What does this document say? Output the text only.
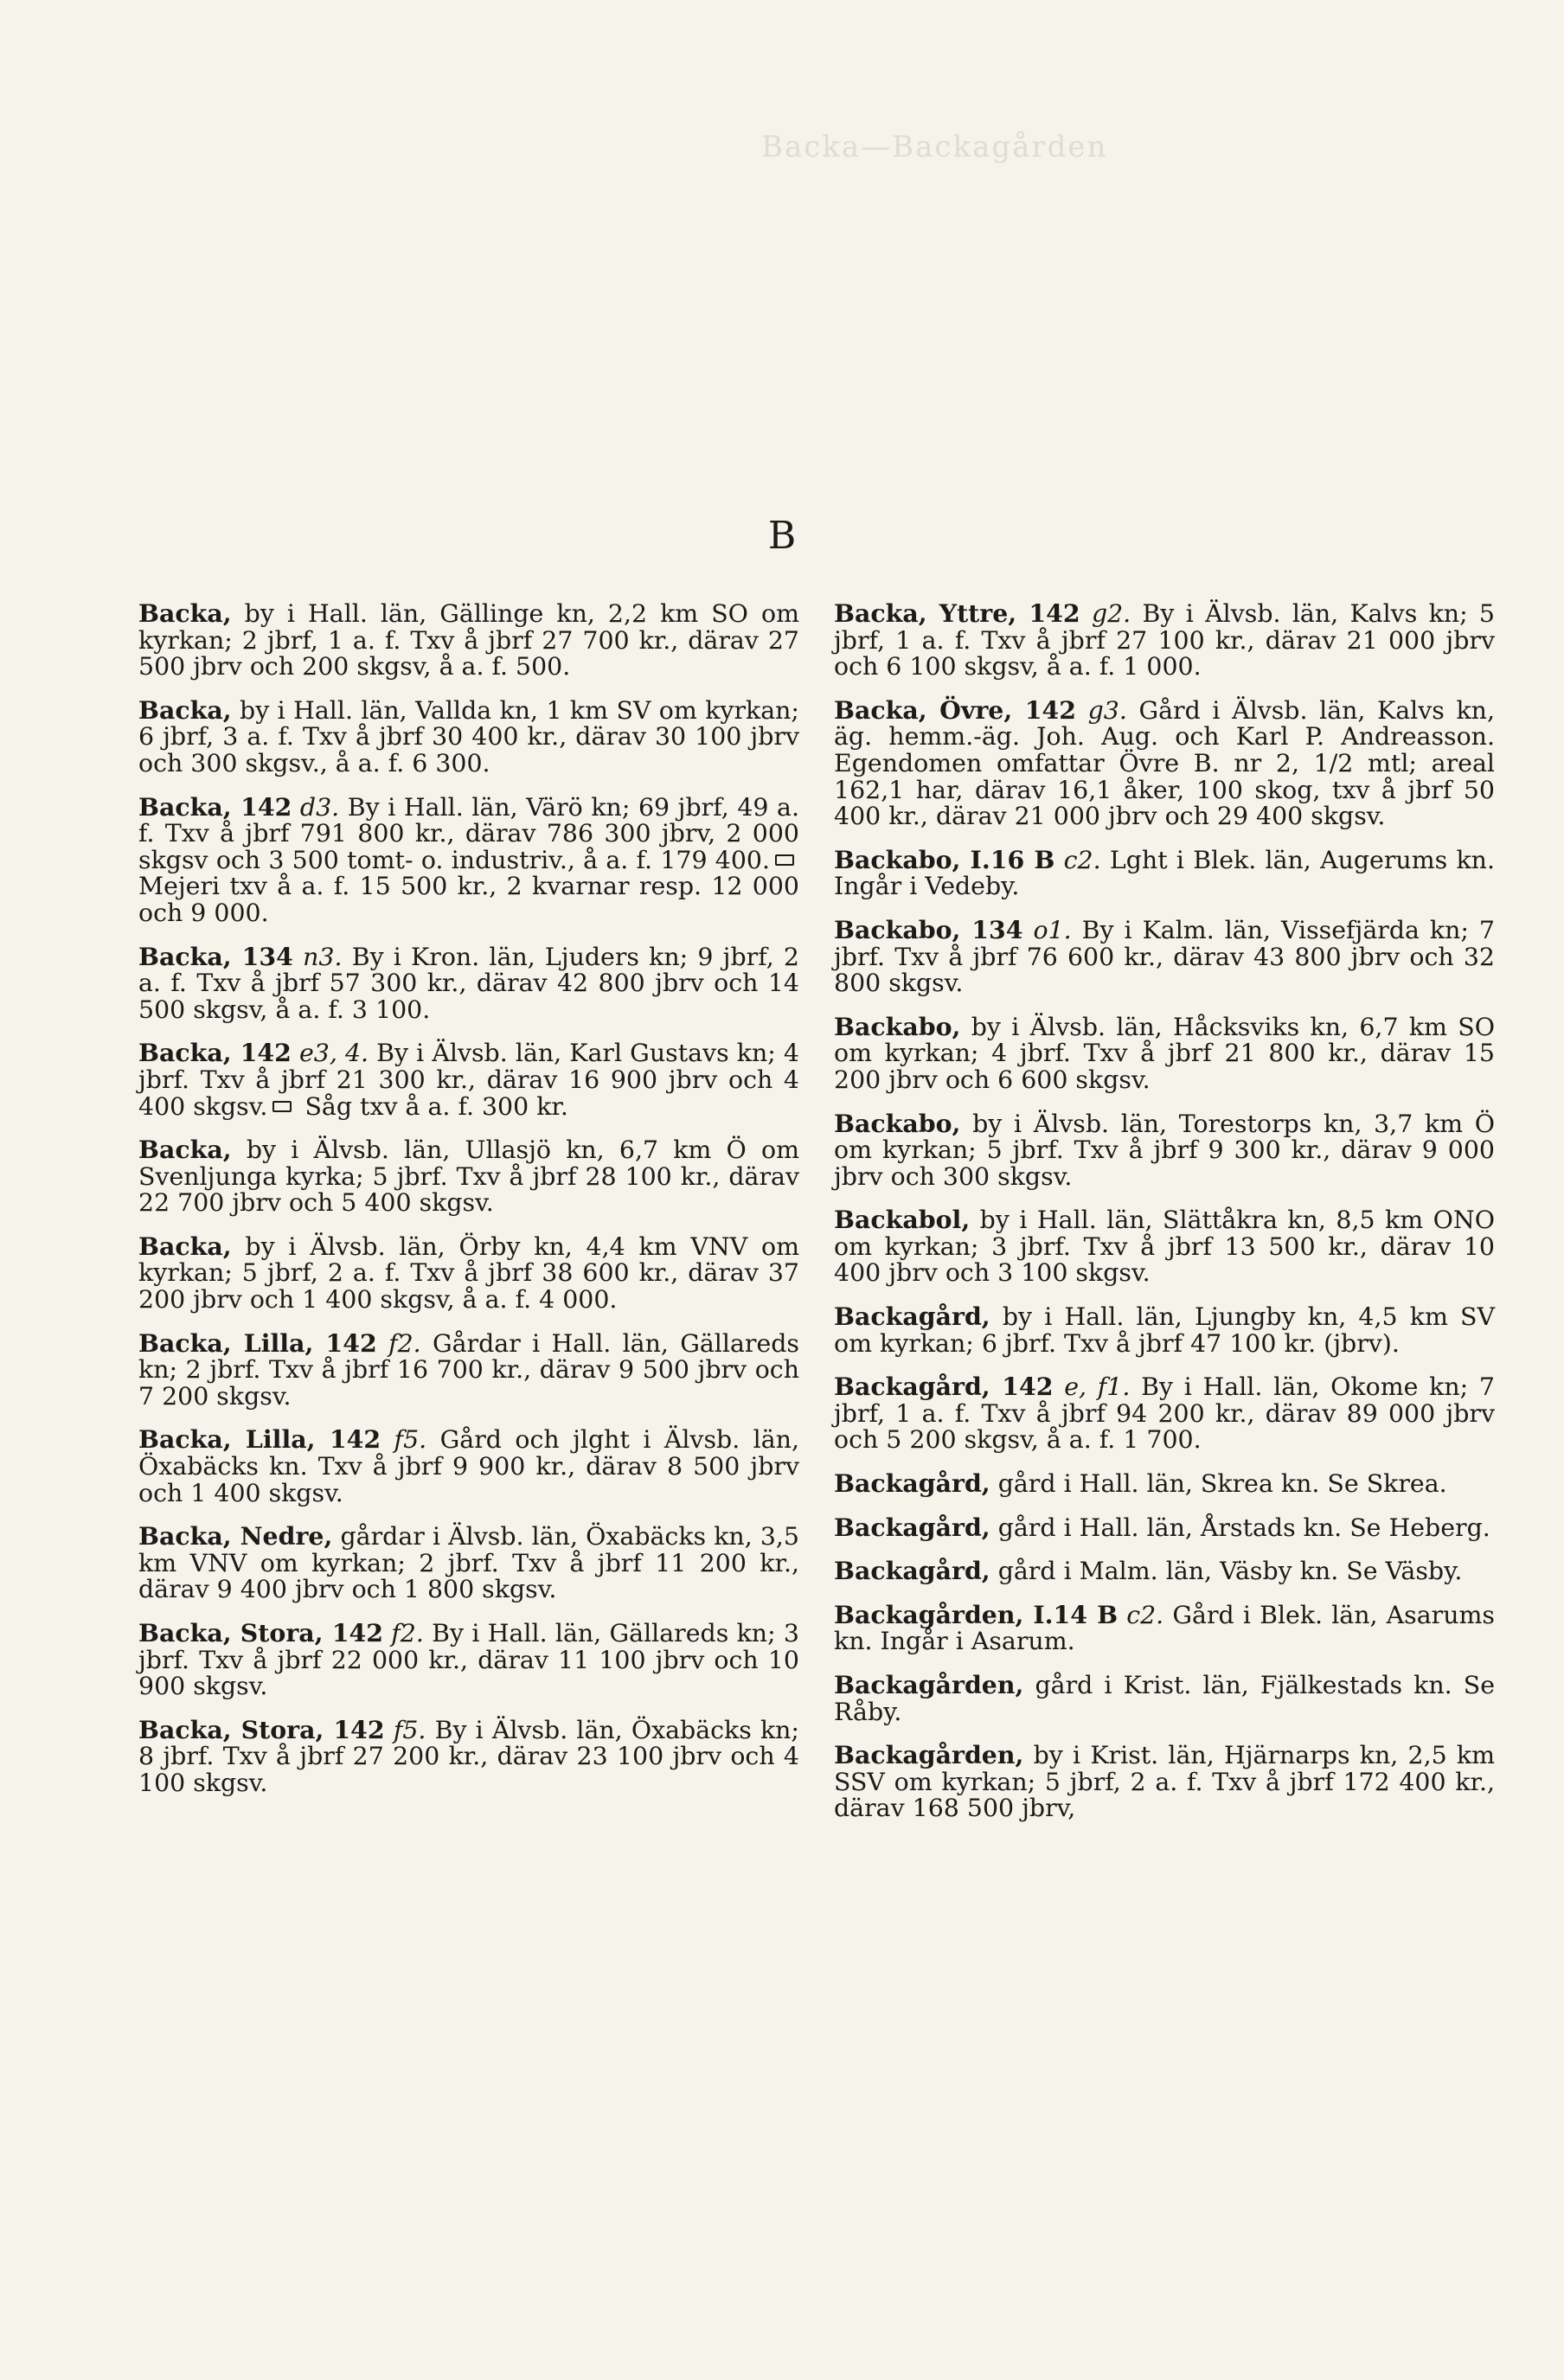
Backa—Backagården
B

Backa, by i Hall. län, Gällinge kn, 2,2 km SO om kyrkan; 2 jbrf, 1 a. f. Txv å jbrf 27 700 kr., därav 27 500 jbrv och 200 skgsv, å a. f. 500.

Backa, by i Hall. län, Vallda kn, 1 km SV om kyrkan; 6 jbrf, 3 a. f. Txv å jbrf 30 400 kr., därav 30 100 jbrv och 300 skgsv., å a. f. 6 300.

Backa, 142 d3. By i Hall. län, Värö kn; 69 jbrf, 49 a. f. Txv å jbrf 791 800 kr., därav 786 300 jbrv, 2 000 skgsv och 3 500 tomt- o. industriv., å a. f. 179 400. Mejeri txv å a. f. 15 500 kr., 2 kvarnar resp. 12 000 och 9 000.

Backa, 134 n3. By i Kron. län, Ljuders kn; 9 jbrf, 2 a. f. Txv å jbrf 57 300 kr., därav 42 800 jbrv och 14 500 skgsv, å a. f. 3 100.

Backa, 142 e3, 4. By i Älvsb. län, Karl Gustavs kn; 4 jbrf. Txv å jbrf 21 300 kr., därav 16 900 jbrv och 4 400 skgsv. Såg txv å a. f. 300 kr.

Backa, by i Älvsb. län, Ullasjö kn, 6,7 km Ö om Svenljunga kyrka; 5 jbrf. Txv å jbrf 28 100 kr., därav 22 700 jbrv och 5 400 skgsv.

Backa, by i Älvsb. län, Örby kn, 4,4 km VNV om kyrkan; 5 jbrf, 2 a. f. Txv å jbrf 38 600 kr., därav 37 200 jbrv och 1 400 skgsv, å a. f. 4 000.

Backa, Lilla, 142 f2. Gårdar i Hall. län, Gällareds kn; 2 jbrf. Txv å jbrf 16 700 kr., därav 9 500 jbrv och 7 200 skgsv.

Backa, Lilla, 142 f5. Gård och jlght i Älvsb. län, Öxabäcks kn. Txv å jbrf 9 900 kr., därav 8 500 jbrv och 1 400 skgsv.

Backa, Nedre, gårdar i Älvsb. län, Öxabäcks kn, 3,5 km VNV om kyrkan; 2 jbrf. Txv å jbrf 11 200 kr., därav 9 400 jbrv och 1 800 skgsv.

Backa, Stora, 142 f2. By i Hall. län, Gällareds kn; 3 jbrf. Txv å jbrf 22 000 kr., därav 11 100 jbrv och 10 900 skgsv.

Backa, Stora, 142 f5. By i Älvsb. län, Öxabäcks kn; 8 jbrf. Txv å jbrf 27 200 kr., därav 23 100 jbrv och 4 100 skgsv.

Backa, Yttre, 142 g2. By i Älvsb. län, Kalvs kn; 5 jbrf, 1 a. f. Txv å jbrf 27 100 kr., därav 21 000 jbrv och 6 100 skgsv, å a. f. 1 000.

Backa, Övre, 142 g3. Gård i Älvsb. län, Kalvs kn, äg. hemm.-äg. Joh. Aug. och Karl P. Andreasson. Egendomen omfattar Övre B. nr 2, 1/2 mtl; areal 162,1 har, därav 16,1 åker, 100 skog, txv å jbrf 50 400 kr., därav 21 000 jbrv och 29 400 skgsv.

Backabo, I.16 B c2. Lght i Blek. län, Augerums kn. Ingår i Vedeby.

Backabo, 134 o1. By i Kalm. län, Vissefjärda kn; 7 jbrf. Txv å jbrf 76 600 kr., därav 43 800 jbrv och 32 800 skgsv.

Backabo, by i Älvsb. län, Håcksviks kn, 6,7 km SO om kyrkan; 4 jbrf. Txv å jbrf 21 800 kr., därav 15 200 jbrv och 6 600 skgsv.

Backabo, by i Älvsb. län, Torestorps kn, 3,7 km Ö om kyrkan; 5 jbrf. Txv å jbrf 9 300 kr., därav 9 000 jbrv och 300 skgsv.

Backabol, by i Hall. län, Slättåkra kn, 8,5 km ONO om kyrkan; 3 jbrf. Txv å jbrf 13 500 kr., därav 10 400 jbrv och 3 100 skgsv.

Backagård, by i Hall. län, Ljungby kn, 4,5 km SV om kyrkan; 6 jbrf. Txv å jbrf 47 100 kr. (jbrv).

Backagård, 142 e, f1. By i Hall. län, Okome kn; 7 jbrf, 1 a. f. Txv å jbrf 94 200 kr., därav 89 000 jbrv och 5 200 skgsv, å a. f. 1 700.

Backagård, gård i Hall. län, Skrea kn. Se Skrea.

Backagård, gård i Hall. län, Årstads kn. Se Heberg.

Backagård, gård i Malm. län, Väsby kn. Se Väsby.

Backagården, I.14 B c2. Gård i Blek. län, Asarums kn. Ingår i Asarum.

Backagården, gård i Krist. län, Fjälkestads kn. Se Råby.

Backagården, by i Krist. län, Hjärnarps kn, 2,5 km SSV om kyrkan; 5 jbrf, 2 a. f. Txv å jbrf 172 400 kr., därav 168 500 jbrv,
